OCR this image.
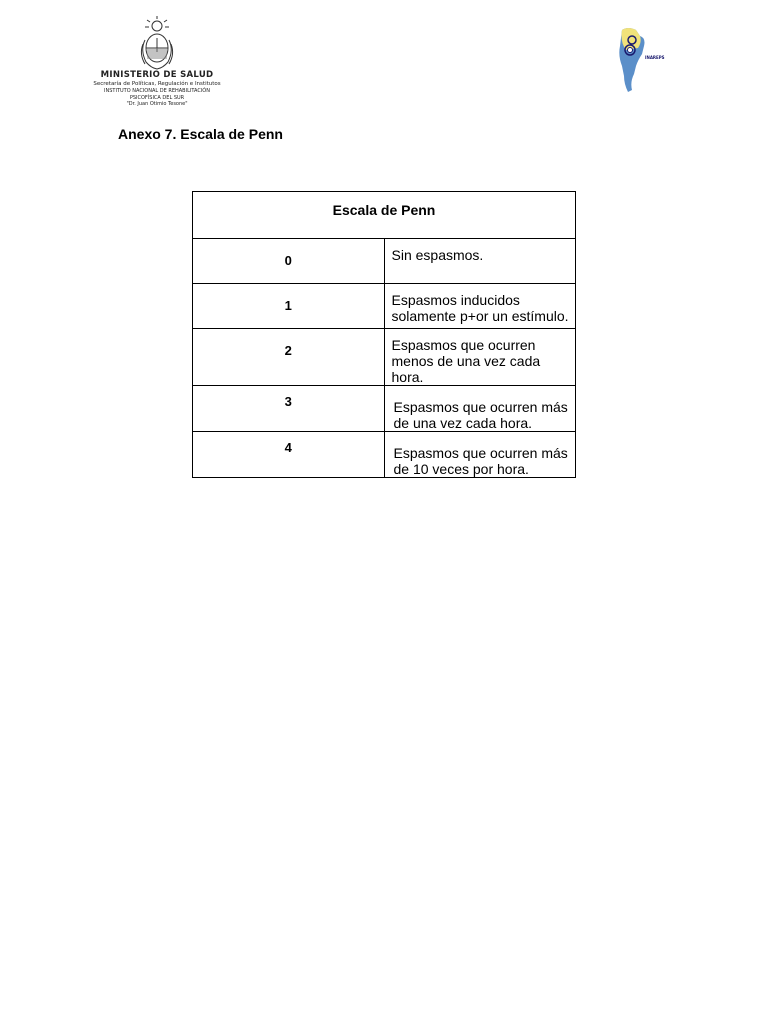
MINISTERIO DE SALUD
Secretaría de Políticas, Regulación e Institutos
INSTITUTO NACIONAL DE REHABILITACIÓN
PSICOFÍSICA DEL SUR
"Dr. Juan Otimio Tesone"
INAREPS
Anexo 7. Escala de Penn
Escala de Penn	
0	Sin espasmos.
1	Espasmos inducidos solamente p+or un estímulo.
2	Espasmos que ocurren menos de una vez cada hora.
3	Espasmos que ocurren más de una vez cada hora.
4	Espasmos que ocurren más de 10 veces por hora.
